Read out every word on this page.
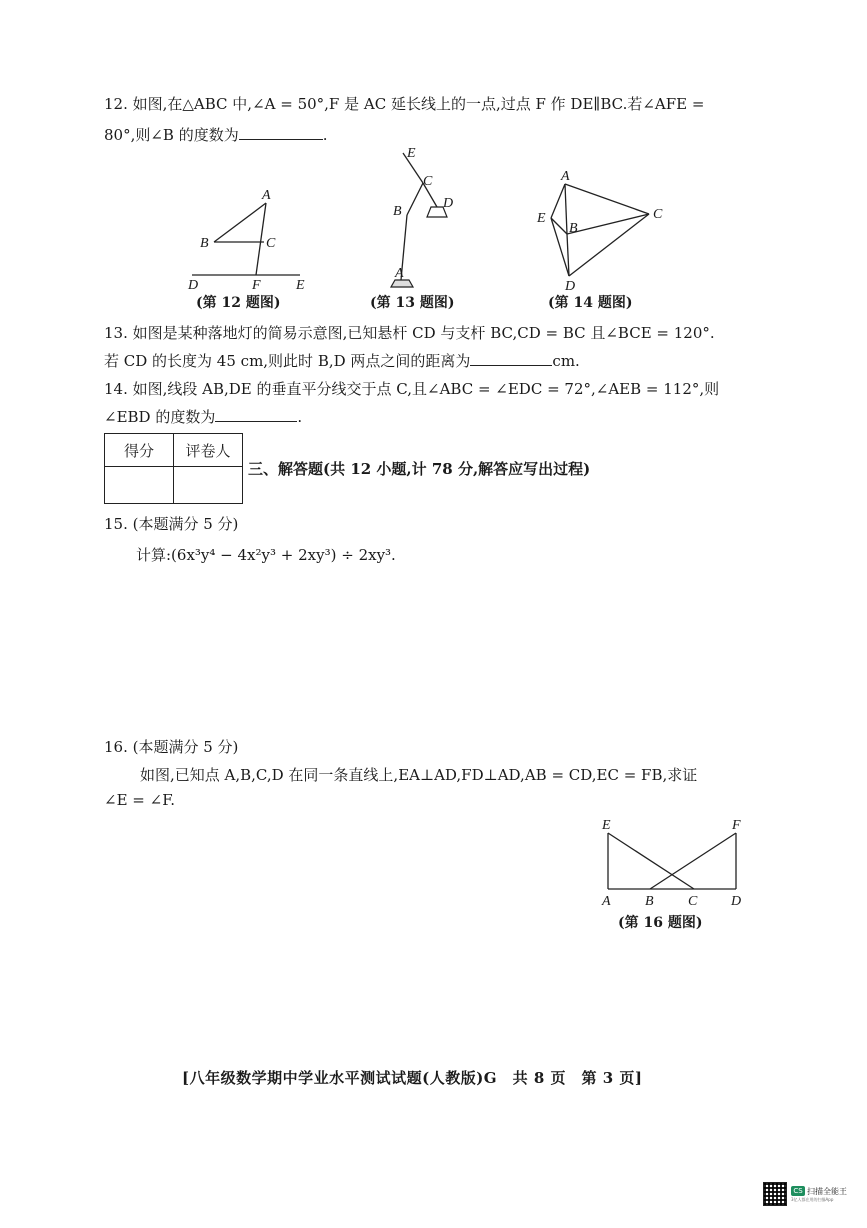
12. 如图,在△ABC 中,∠A = 50°,F 是 AC 延长线上的一点,过点 F 作 DE∥BC.若∠AFE =
80°,则∠B 的度数为	.
A
B	C
D	F	E
(第 12 题图)
E
C
D
B
A
(第 13 题图)
A
C
E
B
D
(第 14 题图)
13. 如图是某种落地灯的简易示意图,已知悬杆 CD 与支杆 BC,CD = BC 且∠BCE = 120°.
若 CD 的长度为 45 cm,则此时 B,D 两点之间的距离为	cm.
14. 如图,线段 AB,DE 的垂直平分线交于点 C,且∠ABC = ∠EDC = 72°,∠AEB = 112°,则
∠EBD 的度数为	.
得分	评卷人

三、解答题(共 12 小题,计 78 分,解答应写出过程)
15. (本题满分 5 分)
计算:(6x³y⁴ − 4x²y³ + 2xy³) ÷ 2xy³.
16. (本题满分 5 分)
如图,已知点 A,B,C,D 在同一条直线上,EA⊥AD,FD⊥AD,AB = CD,EC = FB,求证
∠E = ∠F.
E	F
A B C D
(第 16 题图)
[八年级数学期中学业水平测试试题(人教版)G　共 8 页　第 3 页]
CS 扫描全能王
3亿人都在用的扫描App
